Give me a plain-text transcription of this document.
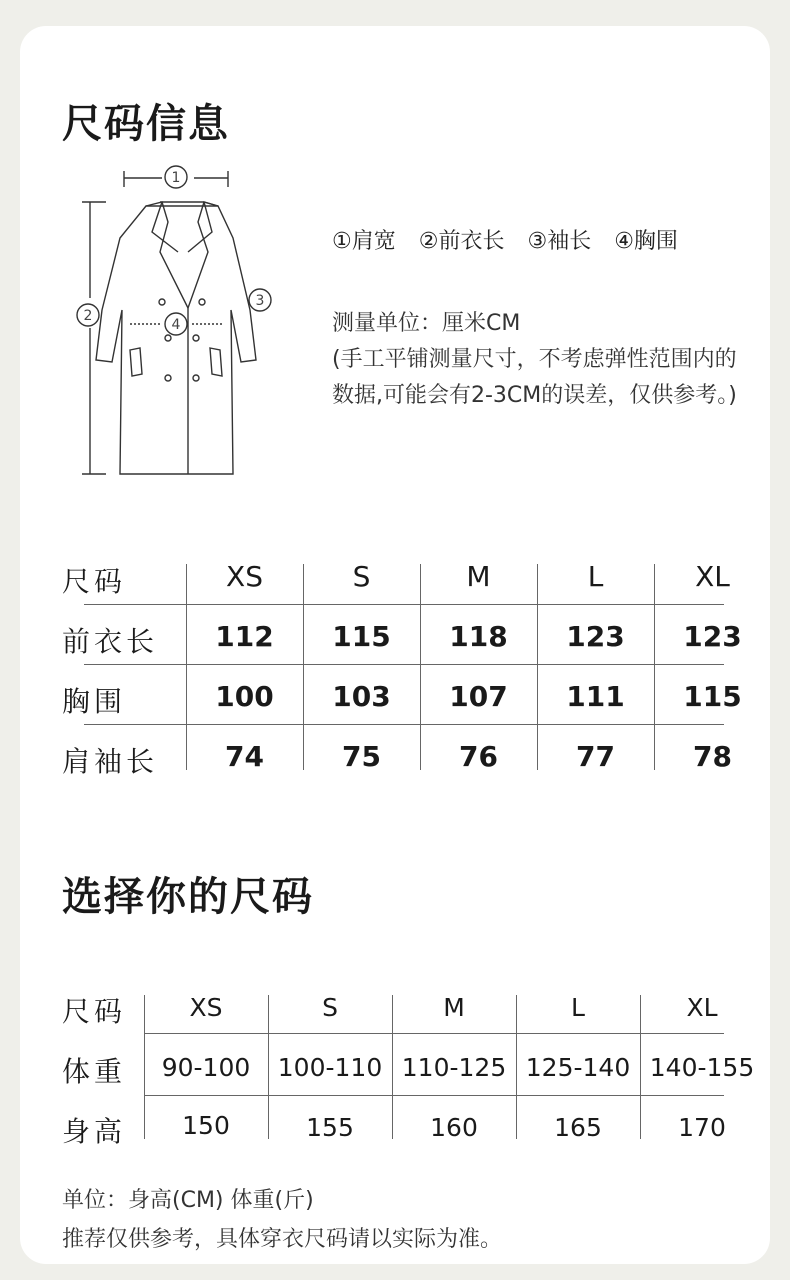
尺码信息
1
2
3
4
①肩宽 ②前衣长 ③袖长 ④胸围
测量单位：厘米CM
(手工平铺测量尺寸，不考虑弹性范围内的数据,可能会有2-3CM的误差，仅供参考。)
尺码	XS	S	M	L	XL
前衣长	112	115	118	123	123
胸围	100	103	107	111	115
肩袖长	74	75	76	77	78
选择你的尺码
尺码	XS	S	M	L	XL
体重	90-100	100-110 110-125 125-140 140-155
身高	150	155	160	165	170
单位：身高(CM) 体重(斤)
推荐仅供参考，具体穿衣尺码请以实际为准。
